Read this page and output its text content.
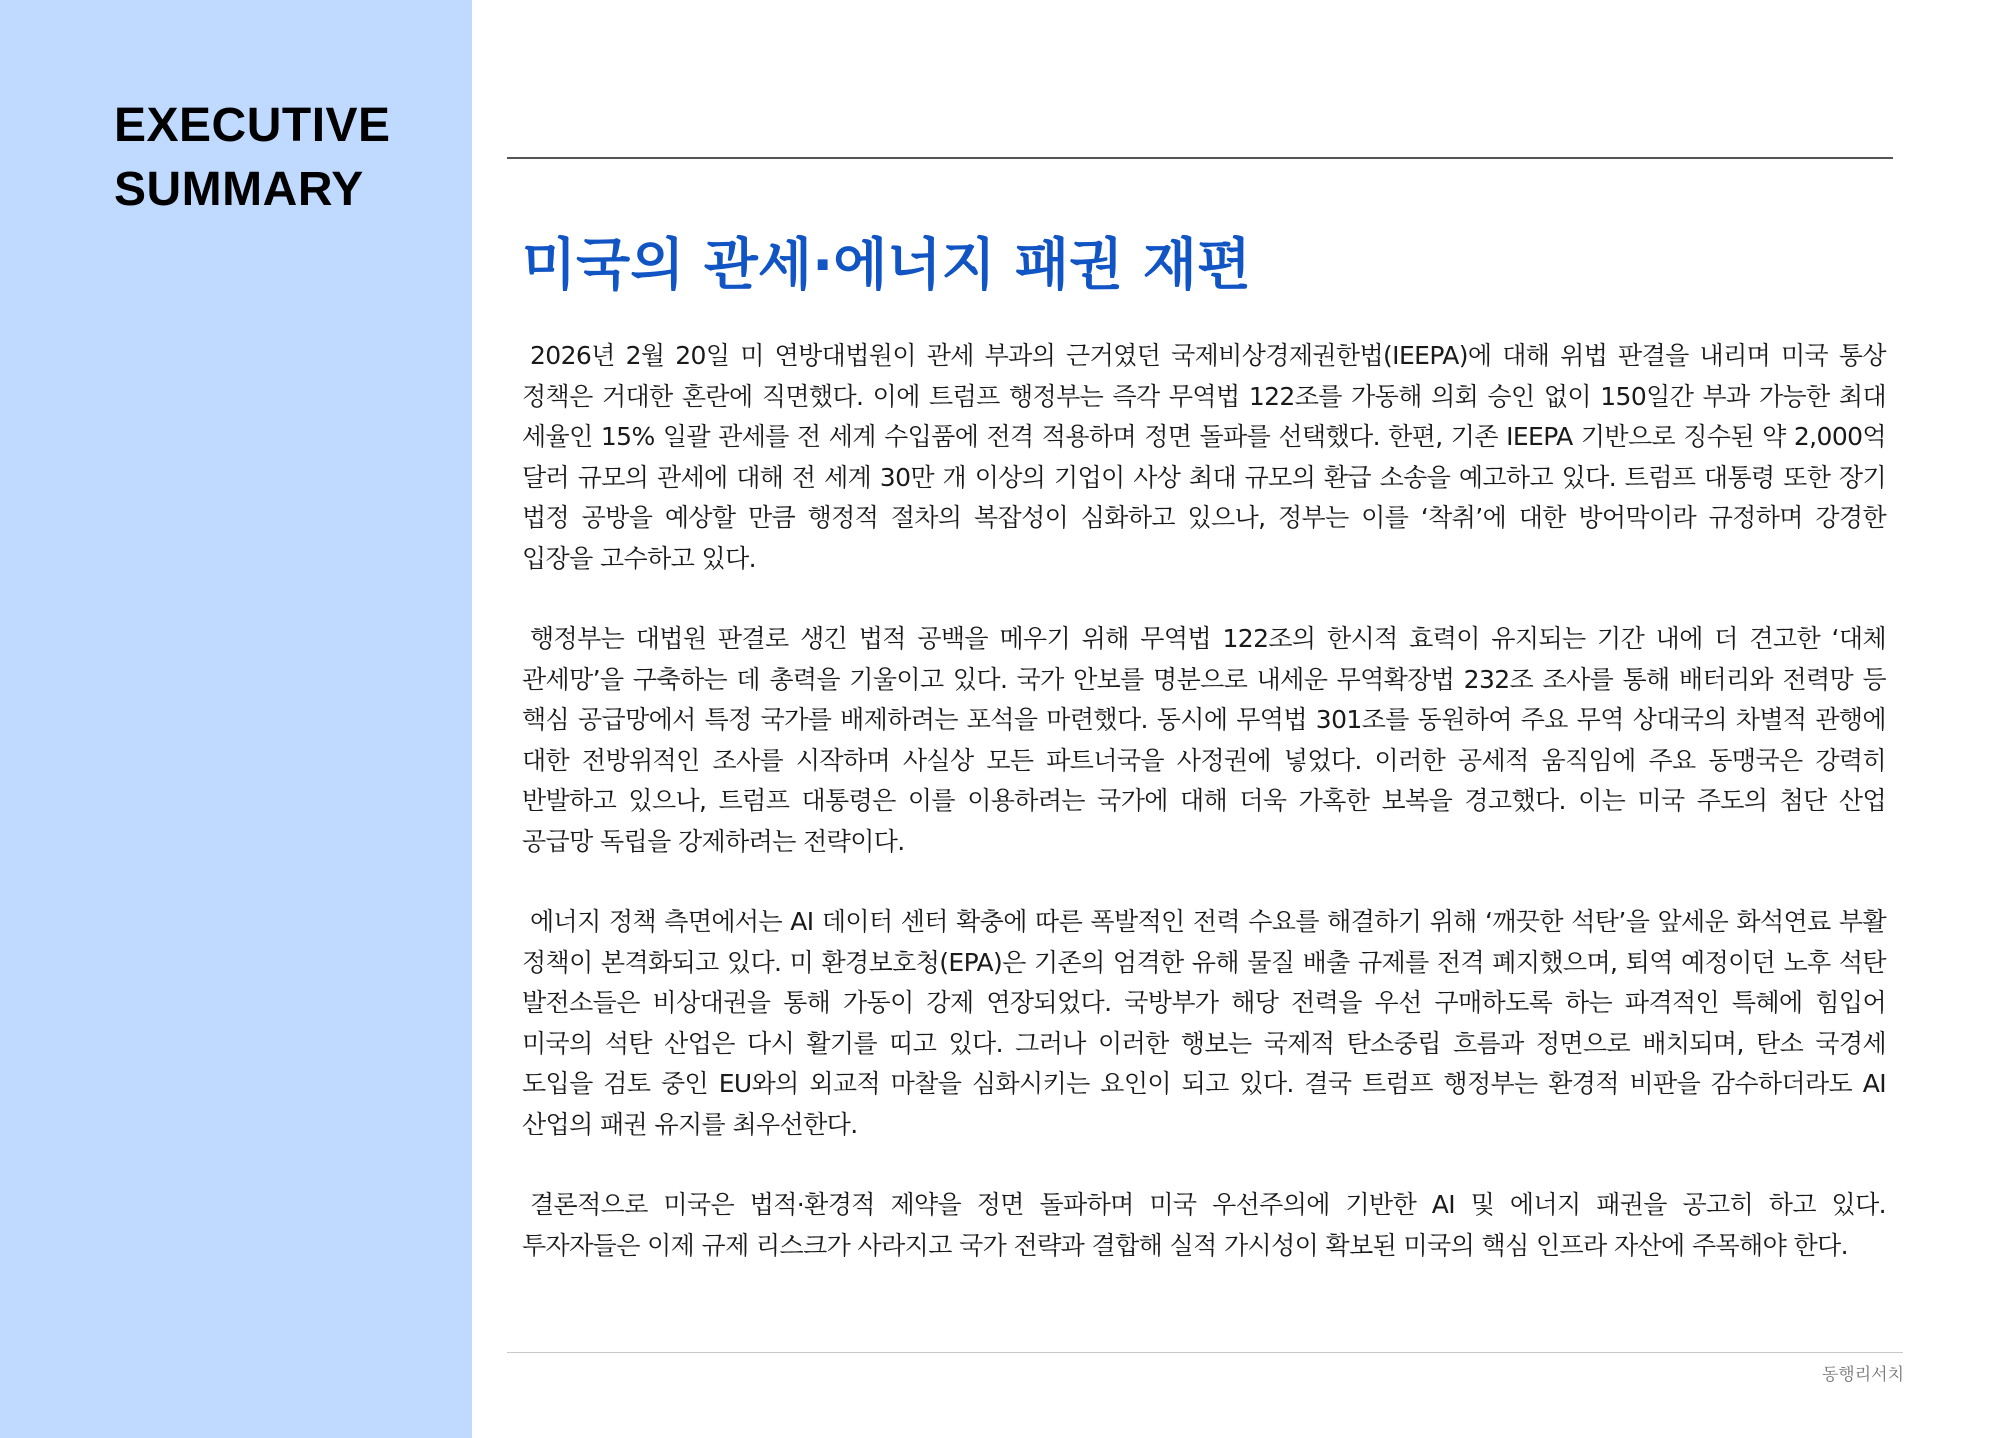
EXECUTIVE
SUMMARY
미국의 관세·에너지 패권 재편

2026년 2월 20일 미 연방대법원이 관세 부과의 근거였던 국제비상경제권한법(IEEPA)에 대해 위법 판결을 내리며 미국 통상 정책은 거대한 혼란에 직면했다. 이에 트럼프 행정부는 즉각 무역법 122조를 가동해 의회 승인 없이 150일간 부과 가능한 최대 세율인 15% 일괄 관세를 전 세계 수입품에 전격 적용하며 정면 돌파를 선택했다. 한편, 기존 IEEPA 기반으로 징수된 약 2,000억 달러 규모의 관세에 대해 전 세계 30만 개 이상의 기업이 사상 최대 규모의 환급 소송을 예고하고 있다. 트럼프 대통령 또한 장기 법정 공방을 예상할 만큼 행정적 절차의 복잡성이 심화하고 있으나, 정부는 이를 ‘착취’에 대한 방어막이라 규정하며 강경한 입장을 고수하고 있다.

행정부는 대법원 판결로 생긴 법적 공백을 메우기 위해 무역법 122조의 한시적 효력이 유지되는 기간 내에 더 견고한 ‘대체 관세망’을 구축하는 데 총력을 기울이고 있다. 국가 안보를 명분으로 내세운 무역확장법 232조 조사를 통해 배터리와 전력망 등 핵심 공급망에서 특정 국가를 배제하려는 포석을 마련했다. 동시에 무역법 301조를 동원하여 주요 무역 상대국의 차별적 관행에 대한 전방위적인 조사를 시작하며 사실상 모든 파트너국을 사정권에 넣었다. 이러한 공세적 움직임에 주요 동맹국은 강력히 반발하고 있으나, 트럼프 대통령은 이를 이용하려는 국가에 대해 더욱 가혹한 보복을 경고했다. 이는 미국 주도의 첨단 산업 공급망 독립을 강제하려는 전략이다.

에너지 정책 측면에서는 AI 데이터 센터 확충에 따른 폭발적인 전력 수요를 해결하기 위해 ‘깨끗한 석탄’을 앞세운 화석연료 부활 정책이 본격화되고 있다. 미 환경보호청(EPA)은 기존의 엄격한 유해 물질 배출 규제를 전격 폐지했으며, 퇴역 예정이던 노후 석탄 발전소들은 비상대권을 통해 가동이 강제 연장되었다. 국방부가 해당 전력을 우선 구매하도록 하는 파격적인 특혜에 힘입어 미국의 석탄 산업은 다시 활기를 띠고 있다. 그러나 이러한 행보는 국제적 탄소중립 흐름과 정면으로 배치되며, 탄소 국경세 도입을 검토 중인 EU와의 외교적 마찰을 심화시키는 요인이 되고 있다. 결국 트럼프 행정부는 환경적 비판을 감수하더라도 AI 산업의 패권 유지를 최우선한다.

결론적으로 미국은 법적·환경적 제약을 정면 돌파하며 미국 우선주의에 기반한 AI 및 에너지 패권을 공고히 하고 있다. 투자자들은 이제 규제 리스크가 사라지고 국가 전략과 결합해 실적 가시성이 확보된 미국의 핵심 인프라 자산에 주목해야 한다.

동행리서치
